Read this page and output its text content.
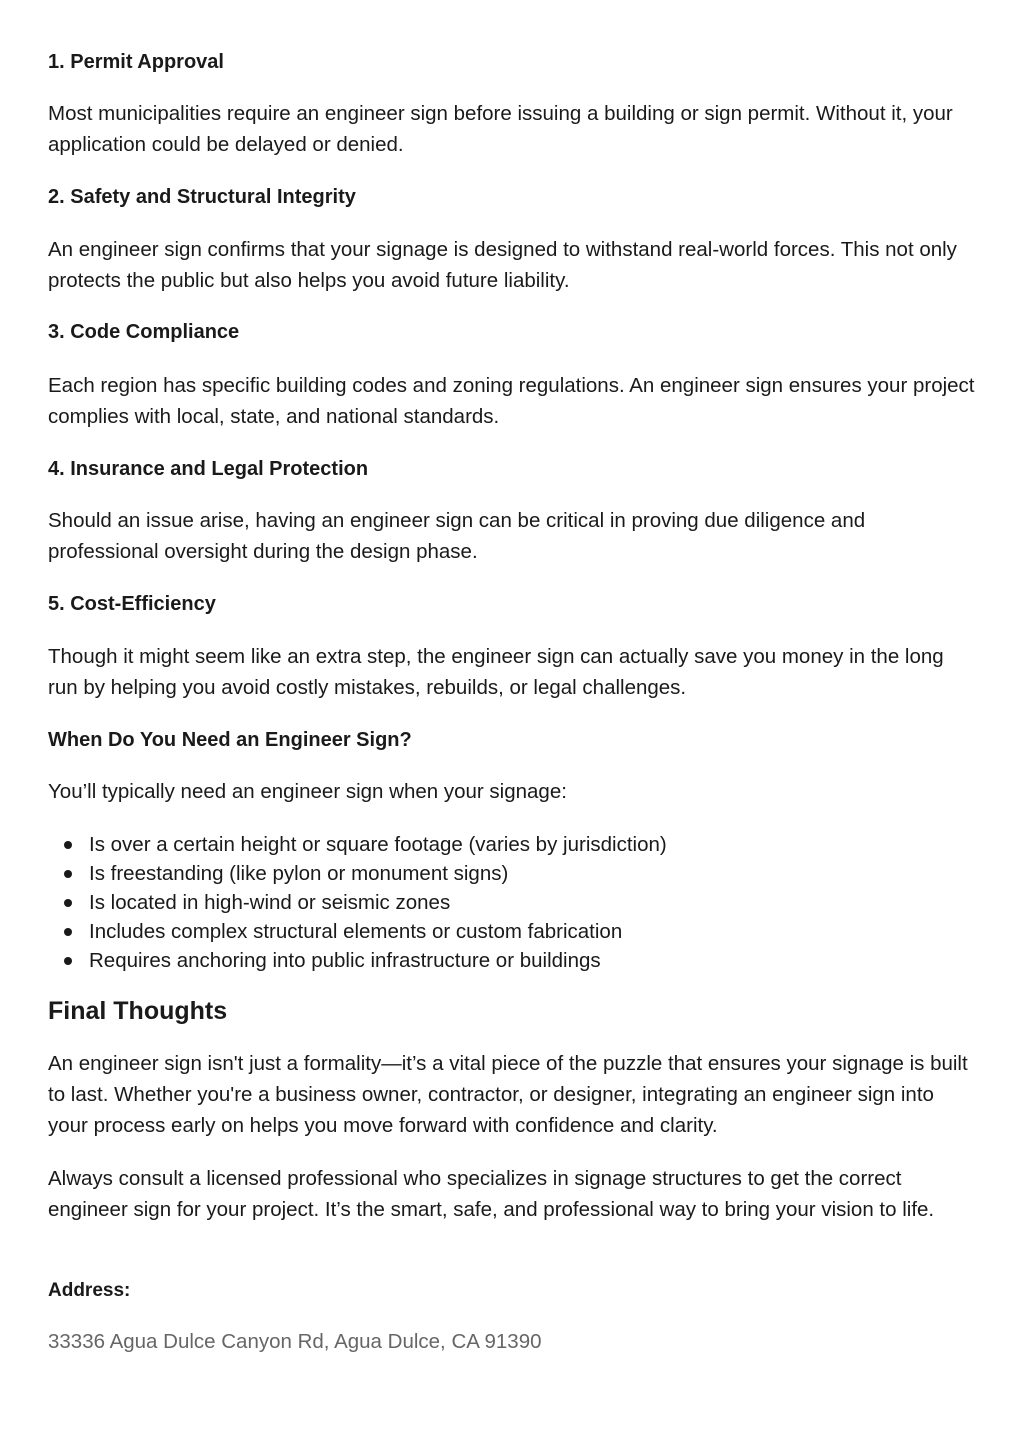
1. Permit Approval

Most municipalities require an engineer sign before issuing a building or sign permit. Without it, your application could be delayed or denied.

2. Safety and Structural Integrity

An engineer sign confirms that your signage is designed to withstand real-world forces. This not only protects the public but also helps you avoid future liability.

3. Code Compliance

Each region has specific building codes and zoning regulations. An engineer sign ensures your project complies with local, state, and national standards.

4. Insurance and Legal Protection

Should an issue arise, having an engineer sign can be critical in proving due diligence and professional oversight during the design phase.

5. Cost-Efficiency

Though it might seem like an extra step, the engineer sign can actually save you money in the long run by helping you avoid costly mistakes, rebuilds, or legal challenges.

When Do You Need an Engineer Sign?

You’ll typically need an engineer sign when your signage:

Is over a certain height or square footage (varies by jurisdiction)
Is freestanding (like pylon or monument signs)
Is located in high-wind or seismic zones
Includes complex structural elements or custom fabrication
Requires anchoring into public infrastructure or buildings
Final Thoughts

An engineer sign isn't just a formality—it’s a vital piece of the puzzle that ensures your signage is built to last. Whether you're a business owner, contractor, or designer, integrating an engineer sign into your process early on helps you move forward with confidence and clarity.

Always consult a licensed professional who specializes in signage structures to get the correct engineer sign for your project. It’s the smart, safe, and professional way to bring your vision to life.

Address:

33336 Agua Dulce Canyon Rd, Agua Dulce, CA 91390
